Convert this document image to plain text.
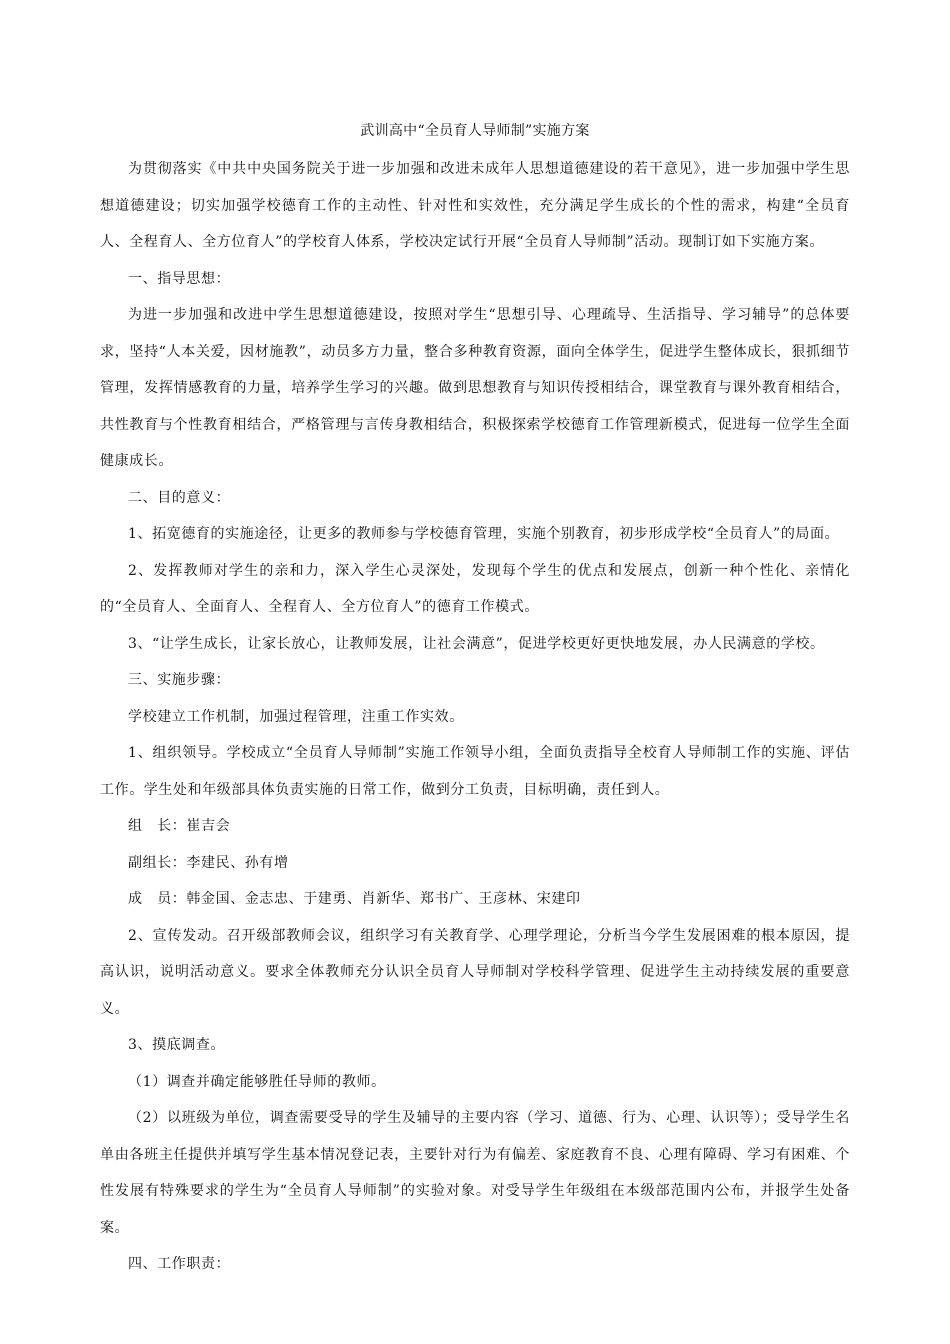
武训高中“全员育人导师制”实施方案

为贯彻落实《中共中央国务院关于进一步加强和改进未成年人思想道德建设的若干意见》，进一步加强中学生思想道德建设；切实加强学校德育工作的主动性、针对性和实效性，充分满足学生成长的个性的需求，构建“全员育人、全程育人、全方位育人”的学校育人体系，学校决定试行开展“全员育人导师制”活动。现制订如下实施方案。

一、指导思想：

为进一步加强和改进中学生思想道德建设，按照对学生“思想引导、心理疏导、生活指导、学习辅导”的总体要求，坚持“人本关爱，因材施教”，动员多方力量，整合多种教育资源，面向全体学生，促进学生整体成长，狠抓细节管理，发挥情感教育的力量，培养学生学习的兴趣。做到思想教育与知识传授相结合，课堂教育与课外教育相结合，共性教育与个性教育相结合，严格管理与言传身教相结合，积极探索学校德育工作管理新模式，促进每一位学生全面健康成长。

二、目的意义：

1、拓宽德育的实施途径，让更多的教师参与学校德育管理，实施个别教育，初步形成学校“全员育人”的局面。

2、发挥教师对学生的亲和力，深入学生心灵深处，发现每个学生的优点和发展点，创新一种个性化、亲情化的“全员育人、全面育人、全程育人、全方位育人”的德育工作模式。

3、“让学生成长，让家长放心，让教师发展，让社会满意”，促进学校更好更快地发展，办人民满意的学校。

三、实施步骤：

学校建立工作机制，加强过程管理，注重工作实效。

1、组织领导。学校成立“全员育人导师制”实施工作领导小组，全面负责指导全校育人导师制工作的实施、评估工作。学生处和年级部具体负责实施的日常工作，做到分工负责，目标明确，责任到人。

组　长：崔吉会

副组长：李建民、孙有增

成　员：韩金国、金志忠、于建勇、肖新华、郑书广、王彦林、宋建印

2、宣传发动。召开级部教师会议，组织学习有关教育学、心理学理论，分析当今学生发展困难的根本原因，提高认识，说明活动意义。要求全体教师充分认识全员育人导师制对学校科学管理、促进学生主动持续发展的重要意义。

3、摸底调查。

（1）调查并确定能够胜任导师的教师。

（2）以班级为单位，调查需要受导的学生及辅导的主要内容（学习、道德、行为、心理、认识等）；受导学生名单由各班主任提供并填写学生基本情况登记表，主要针对行为有偏差、家庭教育不良、心理有障碍、学习有困难、个性发展有特殊要求的学生为“全员育人导师制”的实验对象。对受导学生年级组在本级部范围内公布，并报学生处备案。

四、工作职责：
